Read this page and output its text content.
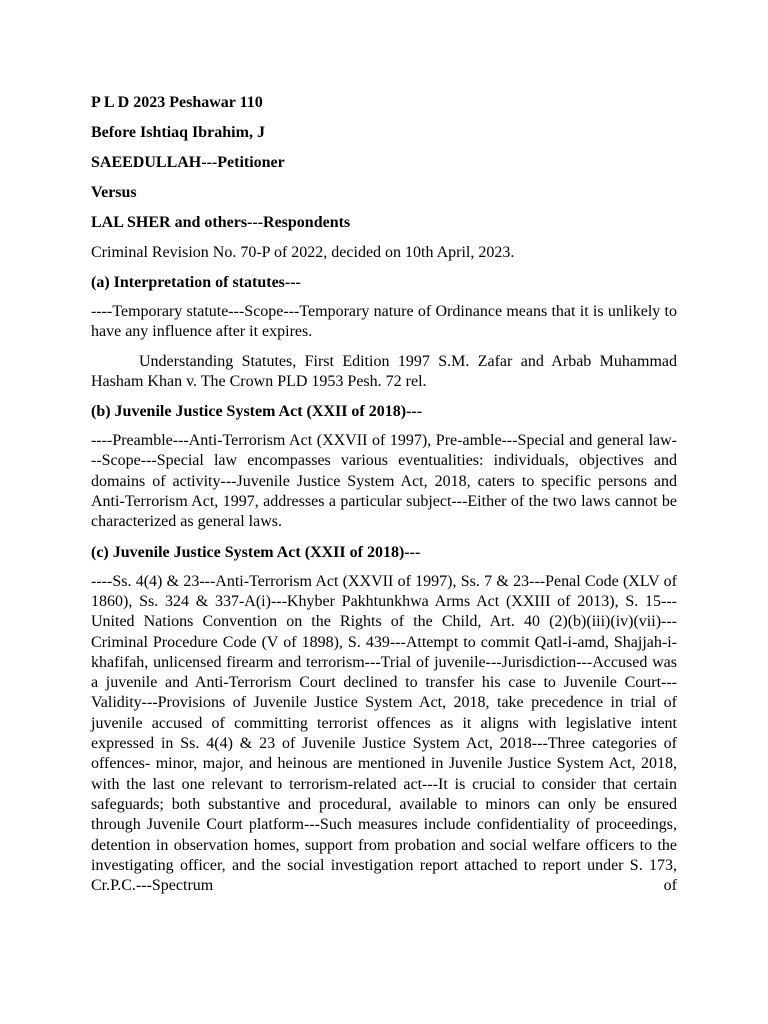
P L D 2023 Peshawar 110

Before Ishtiaq Ibrahim, J

SAEEDULLAH---Petitioner

Versus

LAL SHER and others---Respondents

Criminal Revision No. 70-P of 2022, decided on 10th April, 2023.

(a) Interpretation of statutes---

----Temporary statute---Scope---Temporary nature of Ordinance means that it is unlikely to have any influence after it expires.

Understanding Statutes, First Edition 1997 S.M. Zafar and Arbab Muhammad Hasham Khan v. The Crown PLD 1953 Pesh. 72 rel.

(b) Juvenile Justice System Act (XXII of 2018)---

----Preamble---Anti-Terrorism Act (XXVII of 1997), Pre-amble---Special and general law---Scope---Special law encompasses various eventualities: individuals, objectives and domains of activity---Juvenile Justice System Act, 2018, caters to specific persons and Anti-Terrorism Act, 1997, addresses a particular subject---Either of the two laws cannot be characterized as general laws.

(c) Juvenile Justice System Act (XXII of 2018)---

----Ss. 4(4) & 23---Anti-Terrorism Act (XXVII of 1997), Ss. 7 & 23---Penal Code (XLV of 1860), Ss. 324 & 337-A(i)---Khyber Pakhtunkhwa Arms Act (XXIII of 2013), S. 15---United Nations Convention on the Rights of the Child, Art. 40 (2)(b)(iii)(iv)(vii)---Criminal Procedure Code (V of 1898), S. 439---Attempt to commit Qatl-i-amd, Shajjah-i-khafifah, unlicensed firearm and terrorism---Trial of juvenile---Jurisdiction---Accused was a juvenile and Anti-Terrorism Court declined to transfer his case to Juvenile Court---Validity---Provisions of Juvenile Justice System Act, 2018, take precedence in trial of juvenile accused of committing terrorist offences as it aligns with legislative intent expressed in Ss. 4(4) & 23 of Juvenile Justice System Act, 2018---Three categories of offences- minor, major, and heinous are mentioned in Juvenile Justice System Act, 2018, with the last one relevant to terrorism-related act---It is crucial to consider that certain safeguards; both substantive and procedural, available to minors can only be ensured through Juvenile Court platform---Such measures include confidentiality of proceedings, detention in observation homes, support from probation and social welfare officers to the investigating officer, and the social investigation report attached to report under S. 173, Cr.P.C.---Spectrum of
